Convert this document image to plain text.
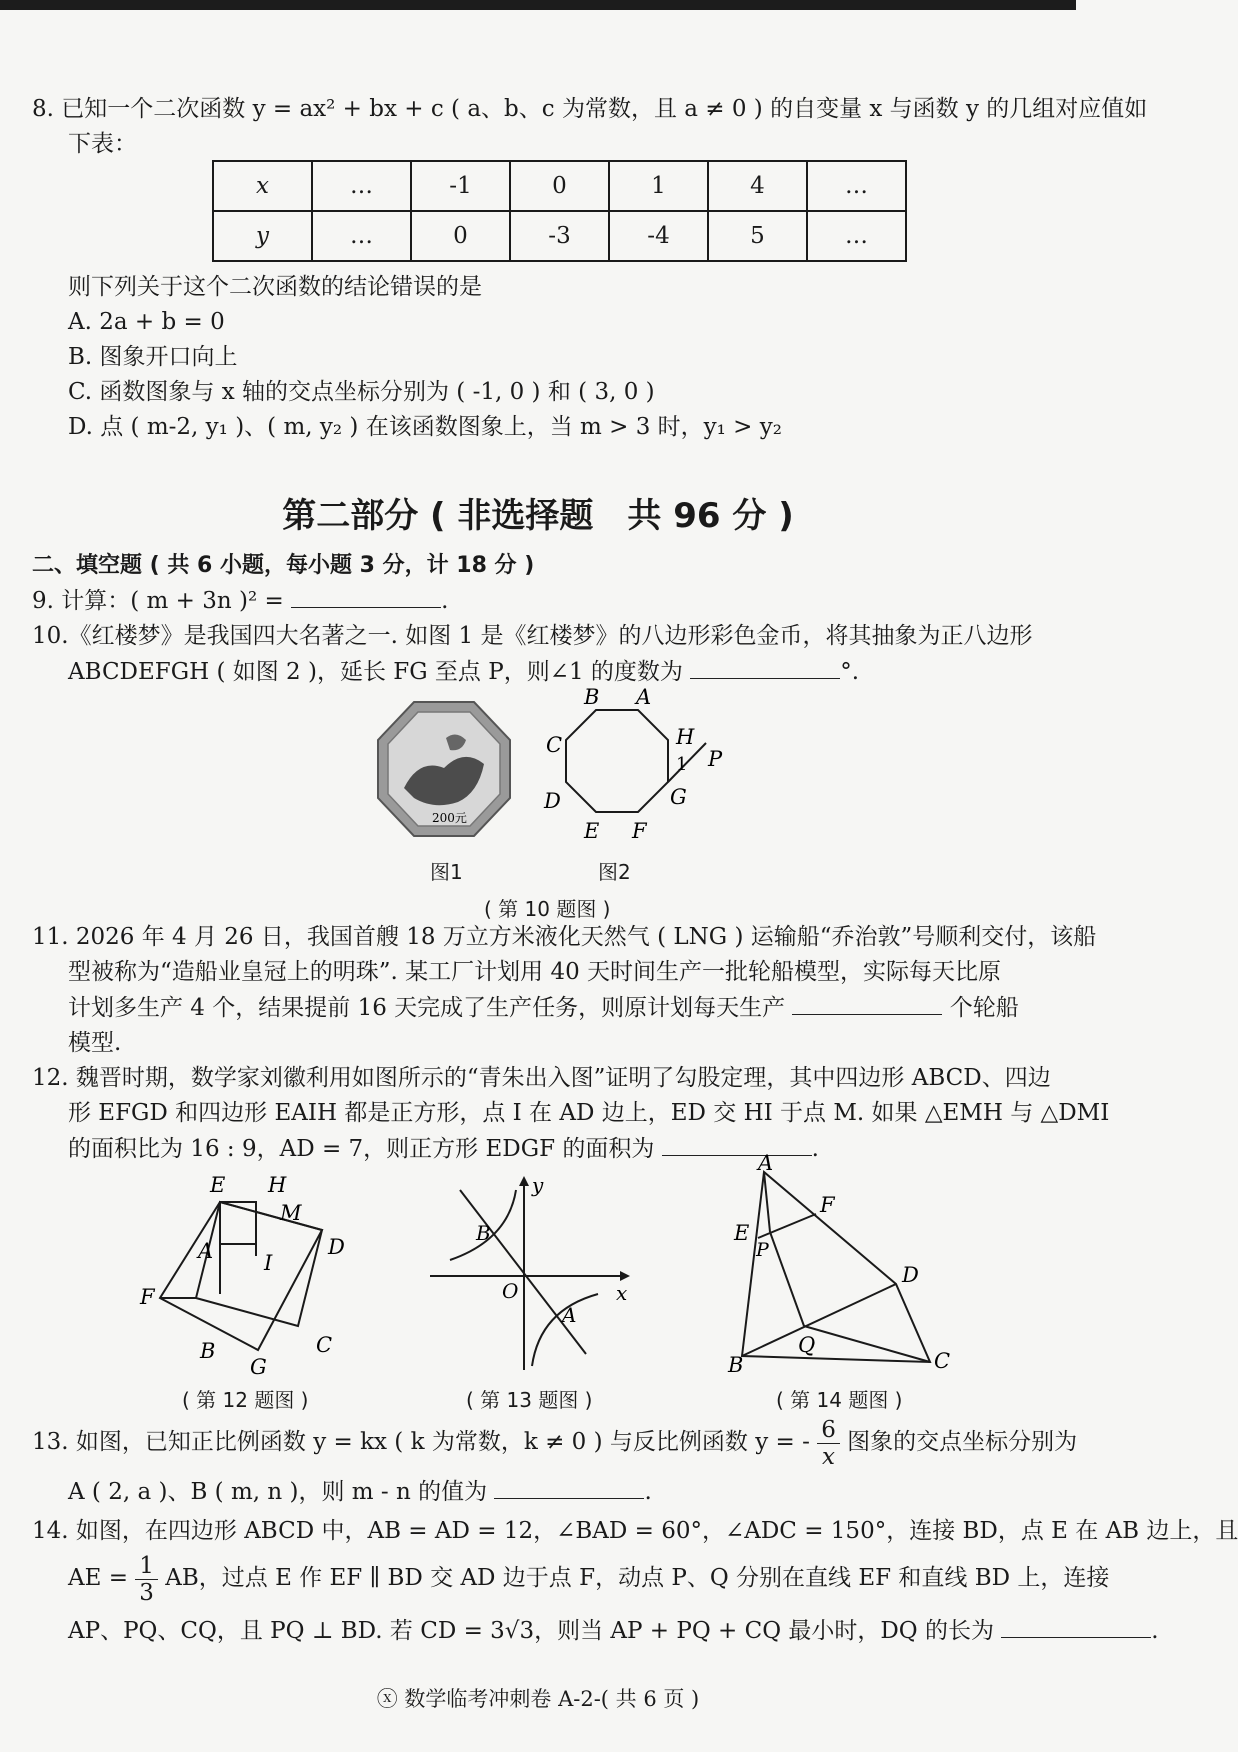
8. 已知一个二次函数 y = ax² + bx + c ( a、b、c 为常数，且 a ≠ 0 ) 的自变量 x 与函数 y 的几组对应值如
下表：
x	…	-1	0	1	4	…
y	…	0	-3	-4	5	…
则下列关于这个二次函数的结论错误的是
A. 2a + b = 0
B. 图象开口向上
C. 函数图象与 x 轴的交点坐标分别为 ( -1, 0 ) 和 ( 3, 0 )
D. 点 ( m-2, y₁ )、( m, y₂ ) 在该函数图象上，当 m > 3 时，y₁ > y₂
第二部分 ( 非选择题　共 96 分 )
二、填空题 ( 共 6 小题，每小题 3 分，计 18 分 )
9. 计算：( m + 3n )² =	.
10.《红楼梦》是我国四大名著之一. 如图 1 是《红楼梦》的八边形彩色金币，将其抽象为正八边形
ABCDEFGH ( 如图 2 )，延长 FG 至点 P，则∠1 的度数为	°.
200元
图1
B A
C	H
1 P
G
D
E F
图2
( 第 10 题图 )
11. 2026 年 4 月 26 日，我国首艘 18 万立方米液化天然气 ( LNG ) 运输船“乔治敦”号顺利交付，该船
型被称为“造船业皇冠上的明珠”. 某工厂计划用 40 天时间生产一批轮船模型，实际每天比原
计划多生产 4 个，结果提前 16 天完成了生产任务，则原计划每天生产	个轮船
模型.
12. 魏晋时期，数学家刘徽利用如图所示的“青朱出入图”证明了勾股定理，其中四边形 ABCD、四边
形 EFGD 和四边形 EAIH 都是正方形，点 I 在 AD 边上，ED 交 HI 于点 M. 如果 △EMH 与 △DMI
的面积比为 16 : 9，AD = 7，则正方形 EDGF 的面积为	.
E H
M
A I
D
F
B
G
C
( 第 12 题图 )
y
x
O
A
B
( 第 13 题图 )
A
F
E
P
D
Q
B	C
( 第 14 题图 )
13. 如图，已知正比例函数 y = kx ( k 为常数，k ≠ 0 ) 与反比例函数 y = - $\frac{6}{x}$ 图象的交点坐标分别为
A ( 2, a )、B ( m, n )，则 m - n 的值为	.
14. 如图，在四边形 ABCD 中，AB = AD = 12，∠BAD = 60°，∠ADC = 150°，连接 BD，点 E 在 AB 边上，且
AE = $\frac{1}{3}$ AB，过点 E 作 EF ∥ BD 交 AD 边于点 F，动点 P、Q 分别在直线 EF 和直线 BD 上，连接
AP、PQ、CQ，且 PQ ⊥ BD. 若 CD = 3√3，则当 AP + PQ + CQ 最小时，DQ 的长为	.
ⓧ 数学临考冲刺卷 A-2-( 共 6 页 )
